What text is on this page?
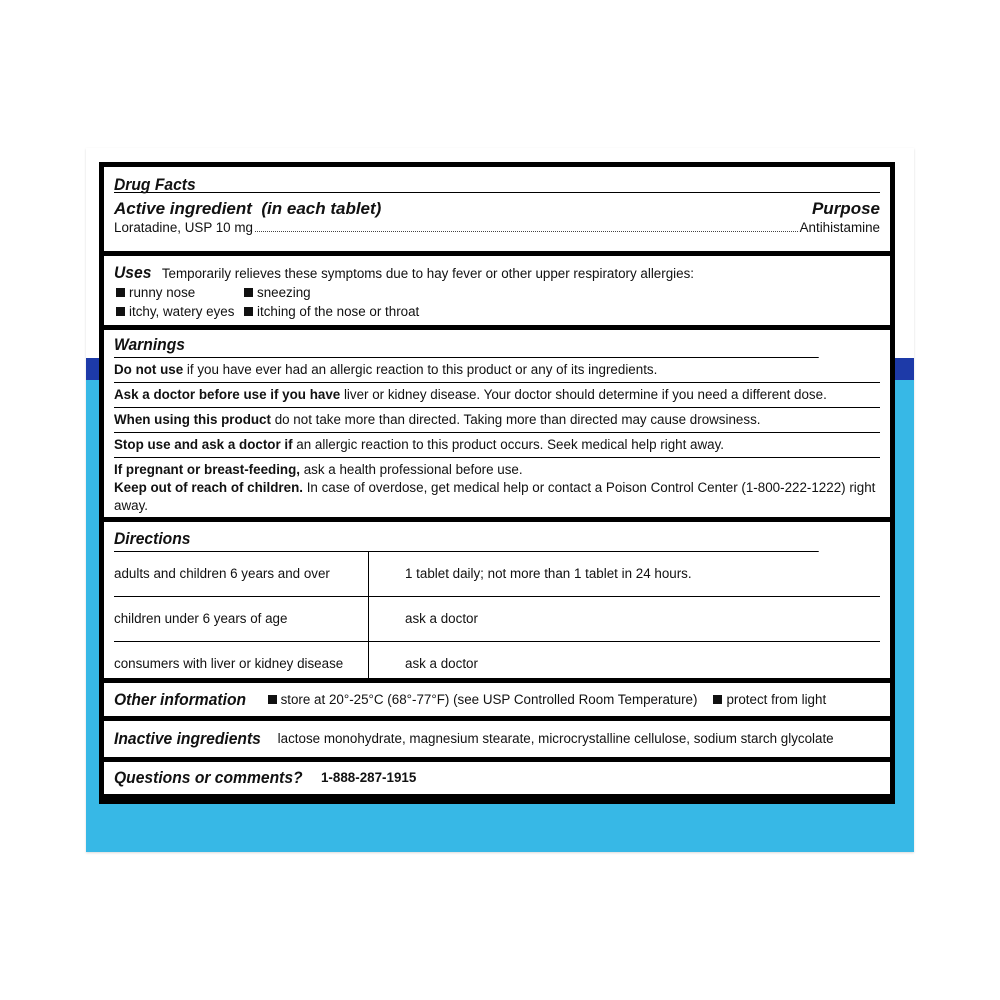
Drug Facts
Active ingredient (in each tablet)	Purpose
Loratadine, USP 10 mg	Antihistamine
Uses Temporarily relieves these symptoms due to hay fever or other upper respiratory allergies:
runny nose	sneezing
itchy, watery eyes	itching of the nose or throat
Warnings
Do not use if you have ever had an allergic reaction to this product or any of its ingredients.
Ask a doctor before use if you have liver or kidney disease. Your doctor should determine if you need a different dose.
When using this product do not take more than directed. Taking more than directed may cause drowsiness.
Stop use and ask a doctor if an allergic reaction to this product occurs. Seek medical help right away.
If pregnant or breast-feeding, ask a health professional before use.
Keep out of reach of children. In case of overdose, get medical help or contact a Poison Control Center (1-800-222-1222) right away.
Directions
adults and children 6 years and over	1 tablet daily; not more than 1 tablet in 24 hours.
children under 6 years of age	ask a doctor
consumers with liver or kidney disease	ask a doctor
Other information	store at 20°-25°C (68°-77°F) (see USP Controlled Room Temperature)	protect from light
Inactive ingredients lactose monohydrate, magnesium stearate, microcrystalline cellulose, sodium starch glycolate
Questions or comments? 1-888-287-1915
